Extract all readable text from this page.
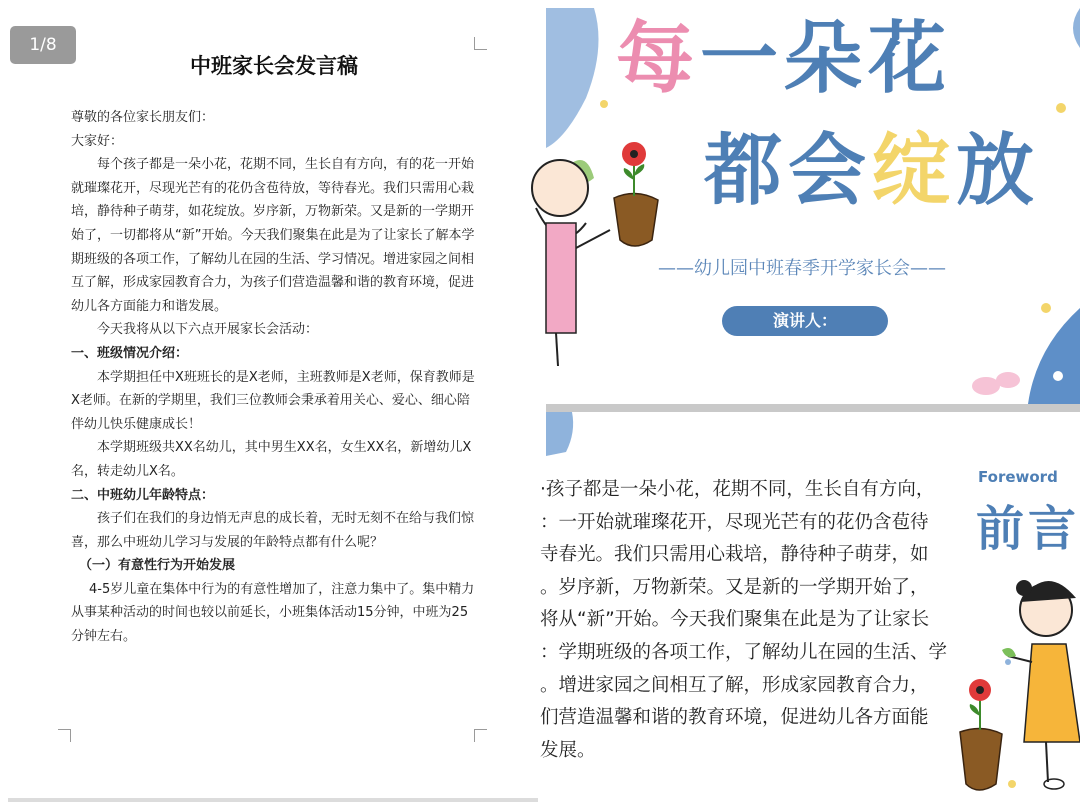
1/8
中班家长会发言稿

尊敬的各位家长朋友们：

大家好：

每个孩子都是一朵小花，花期不同，生长自有方向，有的花一开始就璀璨花开，尽现光芒有的花仍含苞待放，等待春光。我们只需用心栽培，静待种子萌芽，如花绽放。岁序新，万物新荣。又是新的一学期开始了，一切都将从“新”开始。今天我们聚集在此是为了让家长了解本学期班级的各项工作，了解幼儿在园的生活、学习情况。增进家园之间相互了解，形成家园教育合力，为孩子们营造温馨和谐的教育环境，促进幼儿各方面能力和谐发展。

今天我将从以下六点开展家长会活动：

一、班级情况介绍：

本学期担任中X班班长的是X老师，主班教师是X老师，保育教师是X老师。在新的学期里，我们三位教师会秉承着用关心、爱心、细心陪伴幼儿快乐健康成长！

本学期班级共XX名幼儿，其中男生XX名，女生XX名，新增幼儿X名，转走幼儿X名。

二、中班幼儿年龄特点：

孩子们在我们的身边悄无声息的成长着，无时无刻不在给与我们惊喜，那么中班幼儿学习与发展的年龄特点都有什么呢？

（一）有意性行为开始发展

4-5岁儿童在集体中行为的有意性增加了，注意力集中了。集中精力从事某种活动的时间也较以前延长，小班集体活动15分钟，中班为25分钟左右。

每一朵花
都会绽放
——幼儿园中班春季开学家长会——
演讲人：
Foreword
前言

·孩子都是一朵小花，花期不同，生长自有方向，

：一开始就璀璨花开，尽现光芒有的花仍含苞待

寺春光。我们只需用心栽培，静待种子萌芽，如

。岁序新，万物新荣。又是新的一学期开始了，

将从“新”开始。今天我们聚集在此是为了让家长

：学期班级的各项工作，了解幼儿在园的生活、学

。增进家园之间相互了解，形成家园教育合力，

们营造温馨和谐的教育环境，促进幼儿各方面能

发展。
